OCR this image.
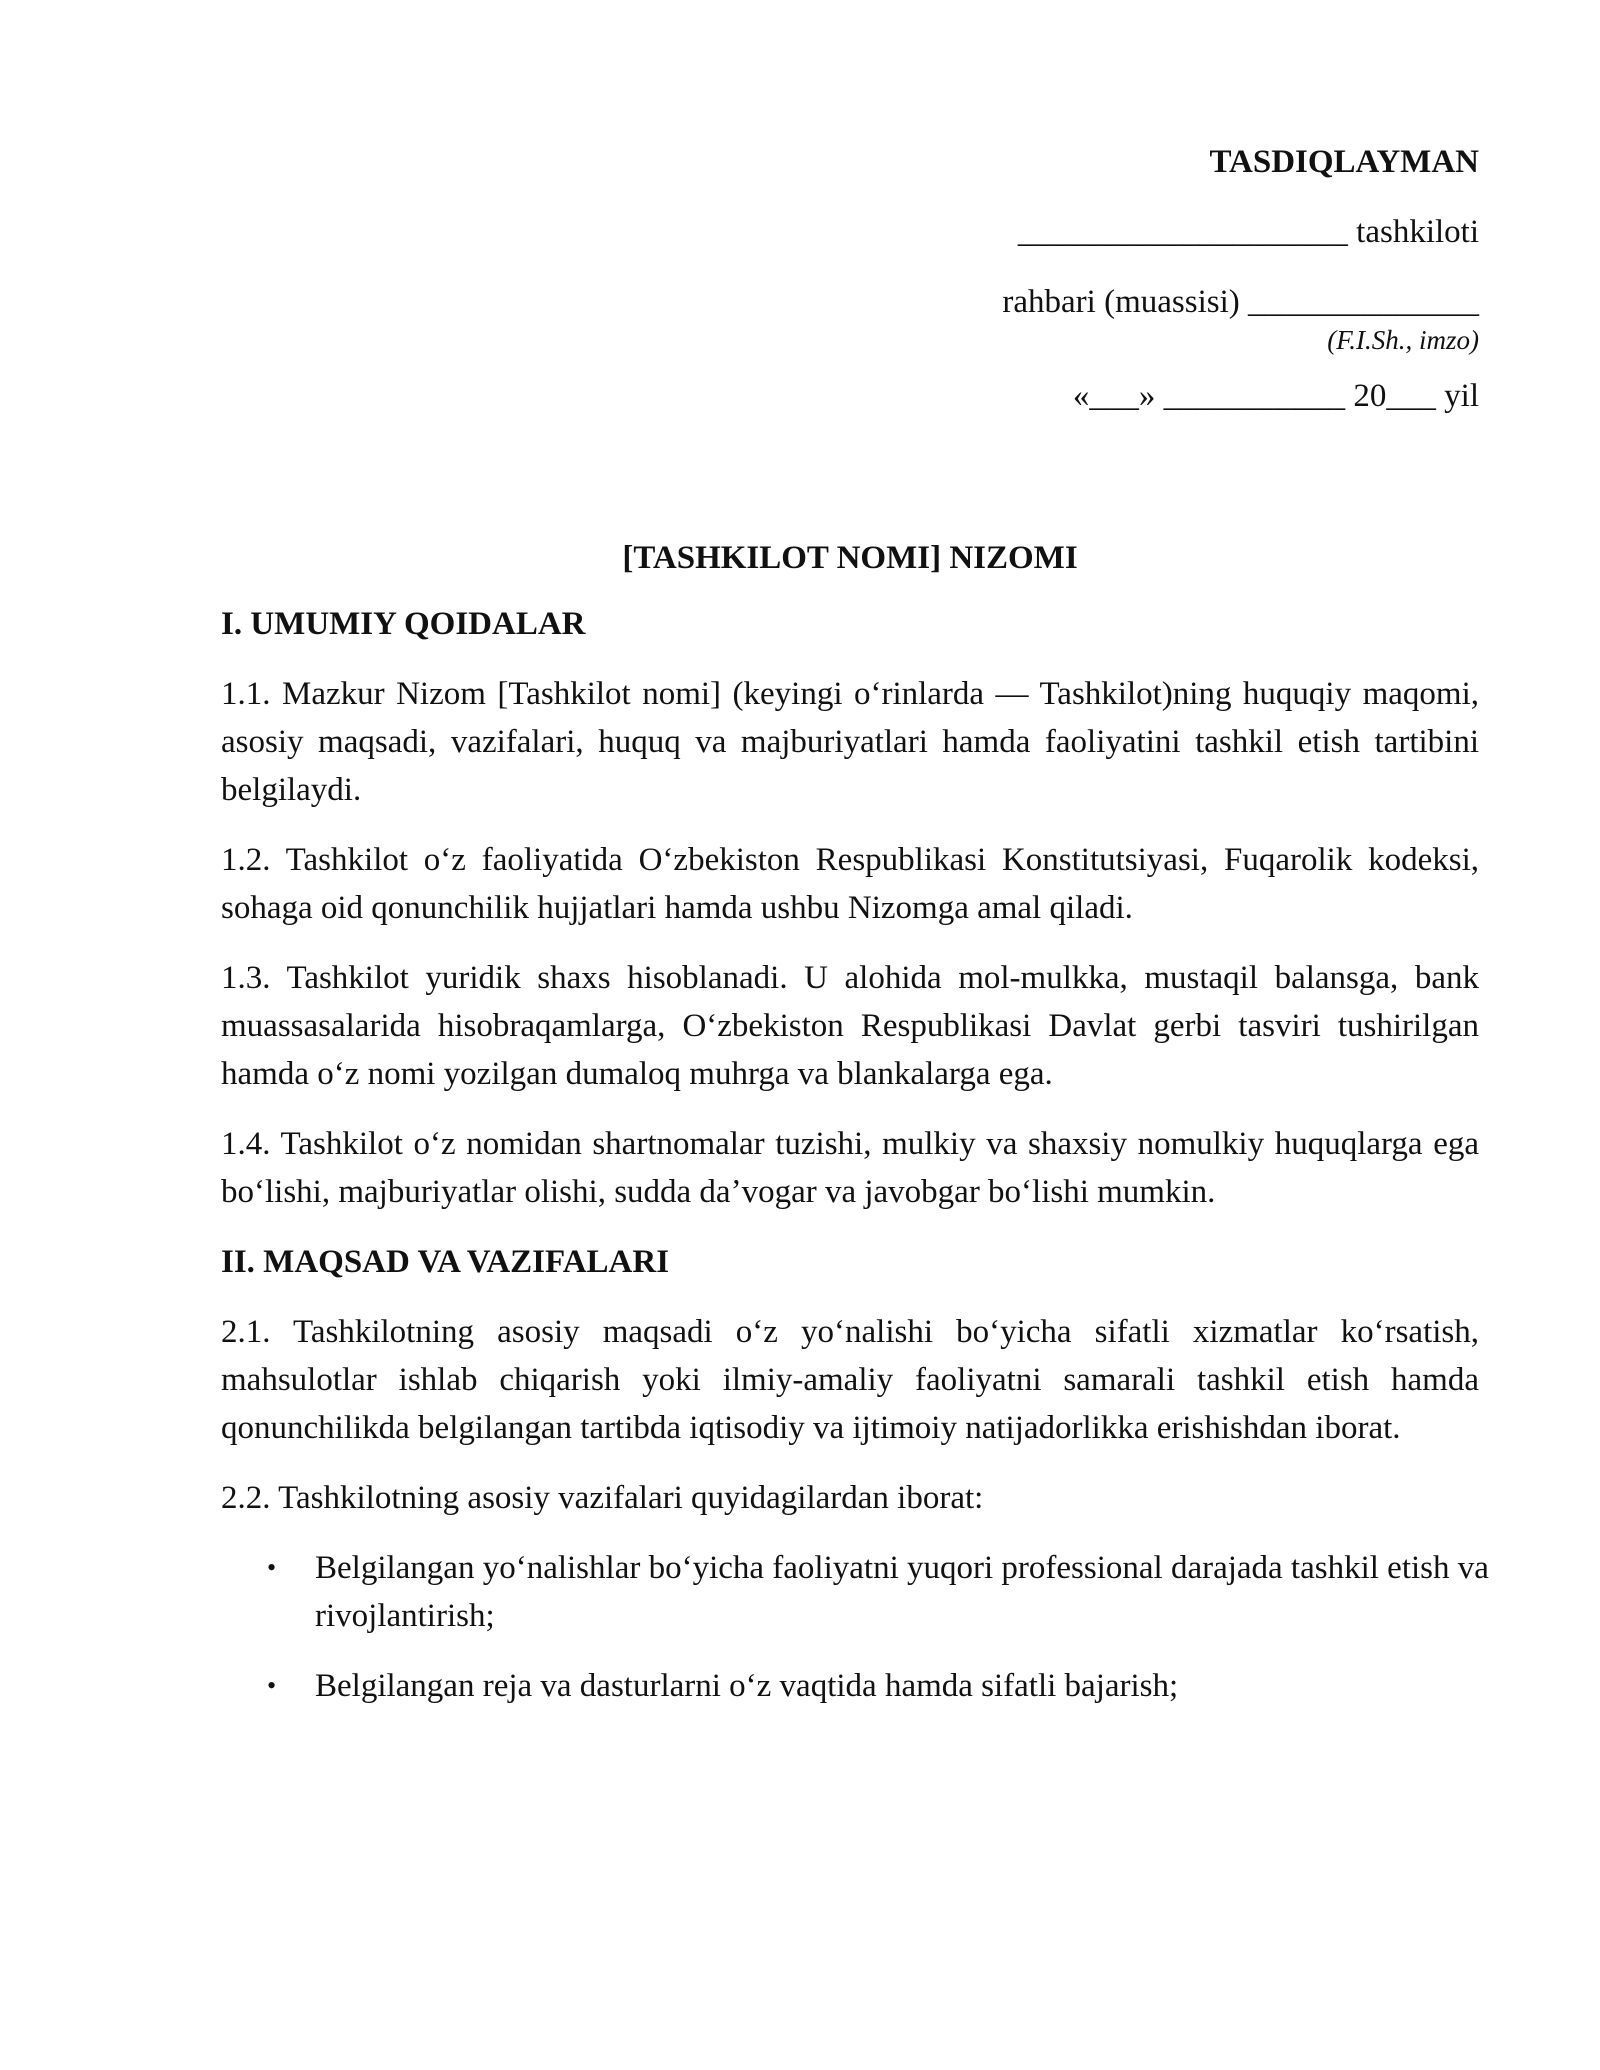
TASDIQLAYMAN
____________________ tashkiloti
rahbari (muassisi) ______________
(F.I.Sh., imzo)
«___» ___________ 20___ yil
[TASHKILOT NOMI] NIZOMI
I. UMUMIY QOIDALAR

1.1. Mazkur Nizom [Tashkilot nomi] (keyingi oʻrinlarda — Tashkilot)ning huquqiy maqomi, asosiy maqsadi, vazifalari, huquq va majburiyatlari hamda faoliyatini tashkil etish tartibini belgilaydi.

1.2. Tashkilot oʻz faoliyatida Oʻzbekiston Respublikasi Konstitutsiyasi, Fuqarolik kodeksi, sohaga oid qonunchilik hujjatlari hamda ushbu Nizomga amal qiladi.

1.3. Tashkilot yuridik shaxs hisoblanadi. U alohida mol-mulkka, mustaqil balansga, bank muassasalarida hisobraqamlarga, Oʻzbekiston Respublikasi Davlat gerbi tasviri tushirilgan hamda oʻz nomi yozilgan dumaloq muhrga va blankalarga ega.

1.4. Tashkilot oʻz nomidan shartnomalar tuzishi, mulkiy va shaxsiy nomulkiy huquqlarga ega boʻlishi, majburiyatlar olishi, sudda daʼvogar va javobgar boʻlishi mumkin.

II. MAQSAD VA VAZIFALARI

2.1. Tashkilotning asosiy maqsadi oʻz yoʻnalishi boʻyicha sifatli xizmatlar koʻrsatish, mahsulotlar ishlab chiqarish yoki ilmiy-amaliy faoliyatni samarali tashkil etish hamda qonunchilikda belgilangan tartibda iqtisodiy va ijtimoiy natijadorlikka erishishdan iborat.

2.2. Tashkilotning asosiy vazifalari quyidagilardan iborat:

• Belgilangan yoʻnalishlar boʻyicha faoliyatni yuqori professional darajada tashkil etish va rivojlantirish;
• Belgilangan reja va dasturlarni oʻz vaqtida hamda sifatli bajarish;
